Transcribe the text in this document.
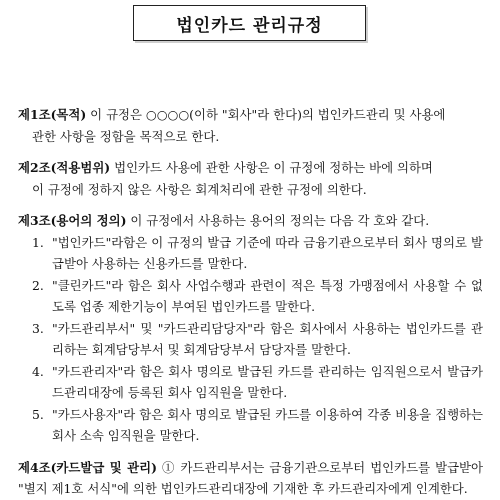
법인카드 관리규정
제1조(목적) 이 규정은 ○○○○(이하 "회사"라 한다)의 법인카드관리 및 사용에
관한 사항을 정함을 목적으로 한다.
제2조(적용범위) 법인카드 사용에 관한 사항은 이 규정에 정하는 바에 의하며
이 규정에 정하지 않은 사항은 회계처리에 관한 규정에 의한다.
제3조(용어의 정의) 이 규정에서 사용하는 용어의 정의는 다음 각 호와 같다.
1. "법인카드"라함은 이 규정의 발급 기준에 따라 금융기관으로부터 회사 명의로 발급받아 사용하는 신용카드를 말한다.
2. "클린카드"라 함은 회사 사업수행과 관련이 적은 특정 가맹점에서 사용할 수 없도록 업종 제한기능이 부여된 법인카드를 말한다.
3. "카드관리부서" 및 "카드관리담당자"라 함은 회사에서 사용하는 법인카드를 관리하는 회계담당부서 및 회계담당부서 담당자를 말한다.
4. "카드관리자"라 함은 회사 명의로 발급된 카드를 관리하는 임직원으로서 발급카드관리대장에 등록된 회사 임직원을 말한다.
5. "카드사용자"라 함은 회사 명의로 발급된 카드를 이용하여 각종 비용을 집행하는 회사 소속 임직원을 말한다.
제4조(카드발급 및 관리) ① 카드관리부서는 금융기관으로부터 법인카드를 발급받아 "별지 제1호 서식"에 의한 법인카드관리대장에 기재한 후 카드관리자에게 인계한다.
